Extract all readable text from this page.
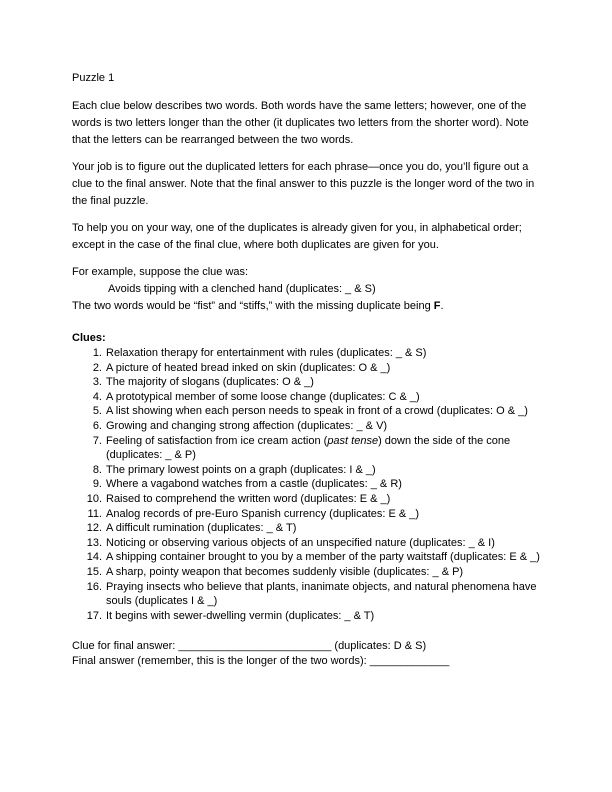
Puzzle 1

Each clue below describes two words. Both words have the same letters; however, one of the words is two letters longer than the other (it duplicates two letters from the shorter word). Note that the letters can be rearranged between the two words.

Your job is to figure out the duplicated letters for each phrase—once you do, you’ll figure out a clue to the final answer. Note that the final answer to this puzzle is the longer word of the two in the final puzzle.

To help you on your way, one of the duplicates is already given for you, in alphabetical order; except in the case of the final clue, where both duplicates are given for you.

For example, suppose the clue was:
Avoids tipping with a clenched hand (duplicates: _ & S)
The two words would be “fist” and “stiffs,” with the missing duplicate being F.
Clues:
1. Relaxation therapy for entertainment with rules (duplicates: _ & S)
2. A picture of heated bread inked on skin (duplicates: O & _)
3. The majority of slogans (duplicates: O & _)
4. A prototypical member of some loose change (duplicates: C & _)
5. A list showing when each person needs to speak in front of a crowd (duplicates: O & _)
6. Growing and changing strong affection (duplicates: _ & V)
7. Feeling of satisfaction from ice cream action (past tense) down the side of the cone (duplicates: _ & P)
8. The primary lowest points on a graph (duplicates: I & _)
9. Where a vagabond watches from a castle (duplicates: _ & R)
10. Raised to comprehend the written word (duplicates: E & _)
11. Analog records of pre-Euro Spanish currency (duplicates: E & _)
12. A difficult rumination (duplicates: _ & T)
13. Noticing or observing various objects of an unspecified nature (duplicates: _ & I)
14. A shipping container brought to you by a member of the party waitstaff (duplicates: E & _)
15. A sharp, pointy weapon that becomes suddenly visible (duplicates: _ & P)
16. Praying insects who believe that plants, inanimate objects, and natural phenomena have souls (duplicates I & _)
17. It begins with sewer-dwelling vermin (duplicates: _ & T)
Clue for final answer: _________________________ (duplicates: D & S)
Final answer (remember, this is the longer of the two words): _____________
